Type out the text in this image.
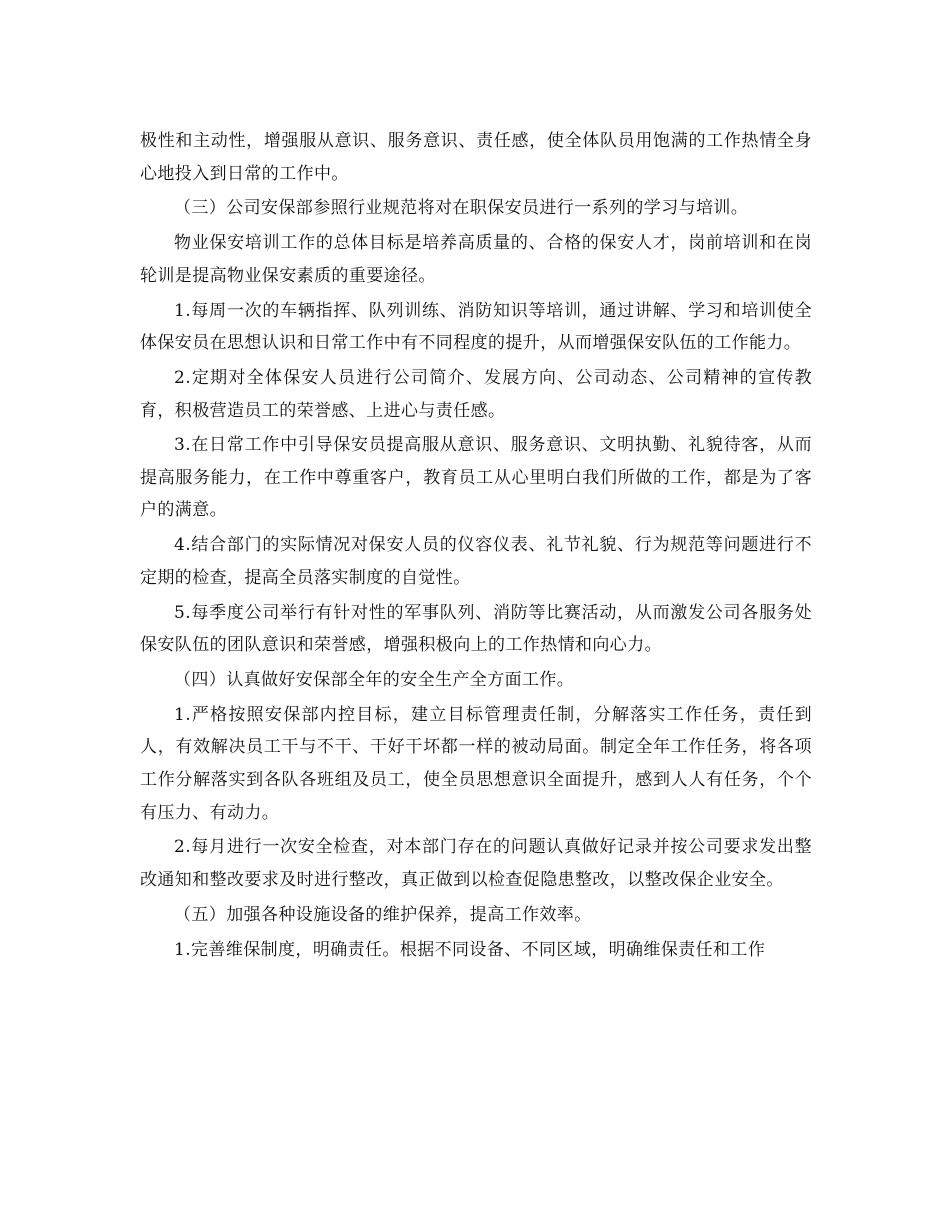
极性和主动性，增强服从意识、服务意识、责任感，使全体队员用饱满的工作热情全身心地投入到日常的工作中。

（三）公司安保部参照行业规范将对在职保安员进行一系列的学习与培训。

物业保安培训工作的总体目标是培养高质量的、合格的保安人才，岗前培训和在岗轮训是提高物业保安素质的重要途径。

1.每周一次的车辆指挥、队列训练、消防知识等培训，通过讲解、学习和培训使全体保安员在思想认识和日常工作中有不同程度的提升，从而增强保安队伍的工作能力。

2.定期对全体保安人员进行公司简介、发展方向、公司动态、公司精神的宣传教育，积极营造员工的荣誉感、上进心与责任感。

3.在日常工作中引导保安员提高服从意识、服务意识、文明执勤、礼貌待客，从而提高服务能力，在工作中尊重客户，教育员工从心里明白我们所做的工作，都是为了客户的满意。

4.结合部门的实际情况对保安人员的仪容仪表、礼节礼貌、行为规范等问题进行不定期的检查，提高全员落实制度的自觉性。

5.每季度公司举行有针对性的军事队列、消防等比赛活动，从而激发公司各服务处保安队伍的团队意识和荣誉感，增强积极向上的工作热情和向心力。

（四）认真做好安保部全年的安全生产全方面工作。

1.严格按照安保部内控目标，建立目标管理责任制，分解落实工作任务，责任到人，有效解决员工干与不干、干好干坏都一样的被动局面。制定全年工作任务，将各项工作分解落实到各队各班组及员工，使全员思想意识全面提升，感到人人有任务，个个有压力、有动力。

2.每月进行一次安全检查，对本部门存在的问题认真做好记录并按公司要求发出整改通知和整改要求及时进行整改，真正做到以检查促隐患整改，以整改保企业安全。

（五）加强各种设施设备的维护保养，提高工作效率。

1.完善维保制度，明确责任。根据不同设备、不同区域，明确维保责任和工作
